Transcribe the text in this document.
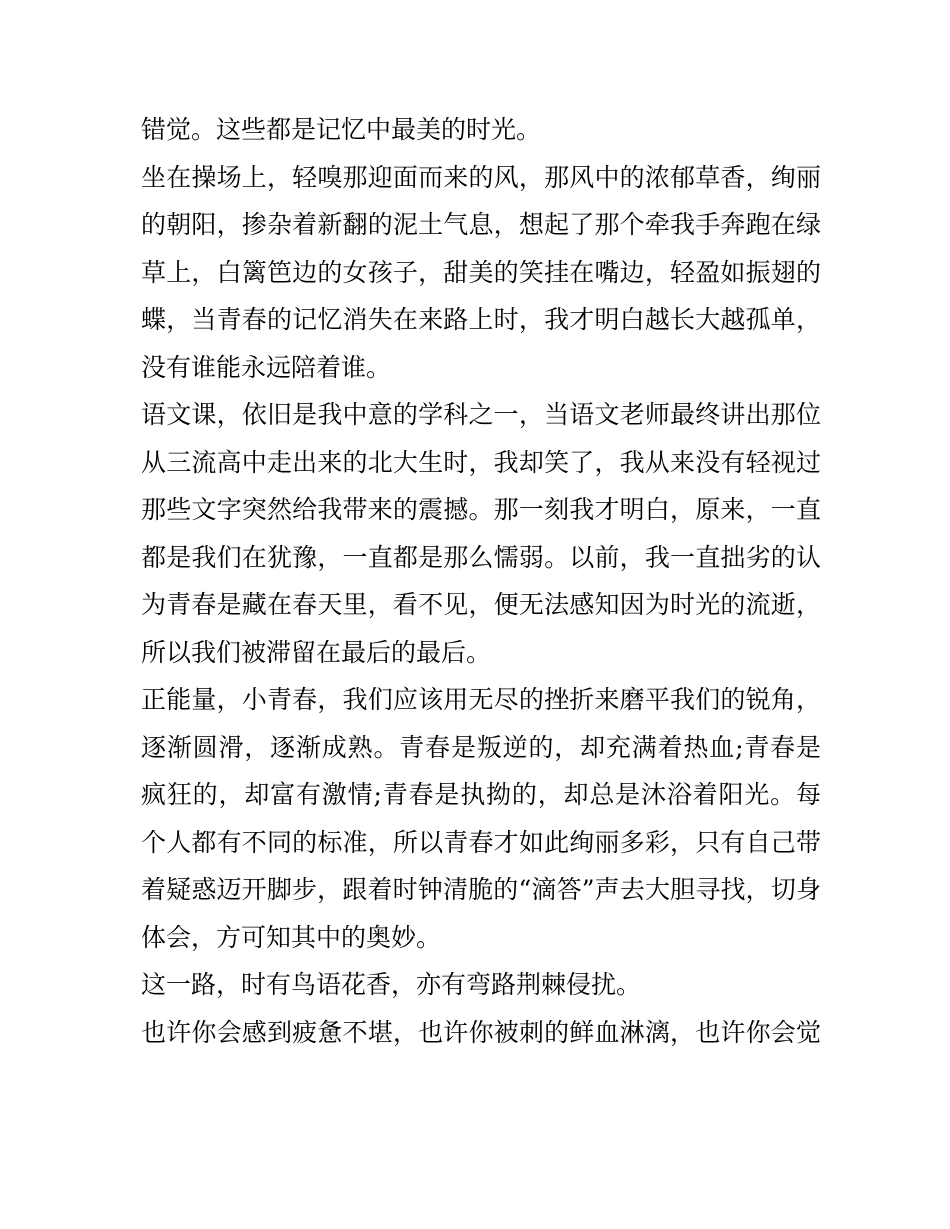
错觉。这些都是记忆中最美的时光。
坐在操场上，轻嗅那迎面而来的风，那风中的浓郁草香，绚丽
的朝阳，掺杂着新翻的泥土气息，想起了那个牵我手奔跑在绿
草上，白篱笆边的女孩子，甜美的笑挂在嘴边，轻盈如振翅的
蝶，当青春的记忆消失在来路上时，我才明白越长大越孤单，
没有谁能永远陪着谁。
语文课，依旧是我中意的学科之一，当语文老师最终讲出那位
从三流高中走出来的北大生时，我却笑了，我从来没有轻视过
那些文字突然给我带来的震撼。那一刻我才明白，原来，一直
都是我们在犹豫，一直都是那么懦弱。以前，我一直拙劣的认
为青春是藏在春天里，看不见，便无法感知因为时光的流逝，
所以我们被滞留在最后的最后。
正能量，小青春，我们应该用无尽的挫折来磨平我们的锐角，
逐渐圆滑，逐渐成熟。青春是叛逆的，却充满着热血;青春是
疯狂的，却富有激情;青春是执拗的，却总是沐浴着阳光。每
个人都有不同的标准，所以青春才如此绚丽多彩，只有自己带
着疑惑迈开脚步，跟着时钟清脆的“滴答”声去大胆寻找，切身
体会，方可知其中的奥妙。
这一路，时有鸟语花香，亦有弯路荆棘侵扰。
也许你会感到疲惫不堪，也许你被刺的鲜血淋漓，也许你会觉
